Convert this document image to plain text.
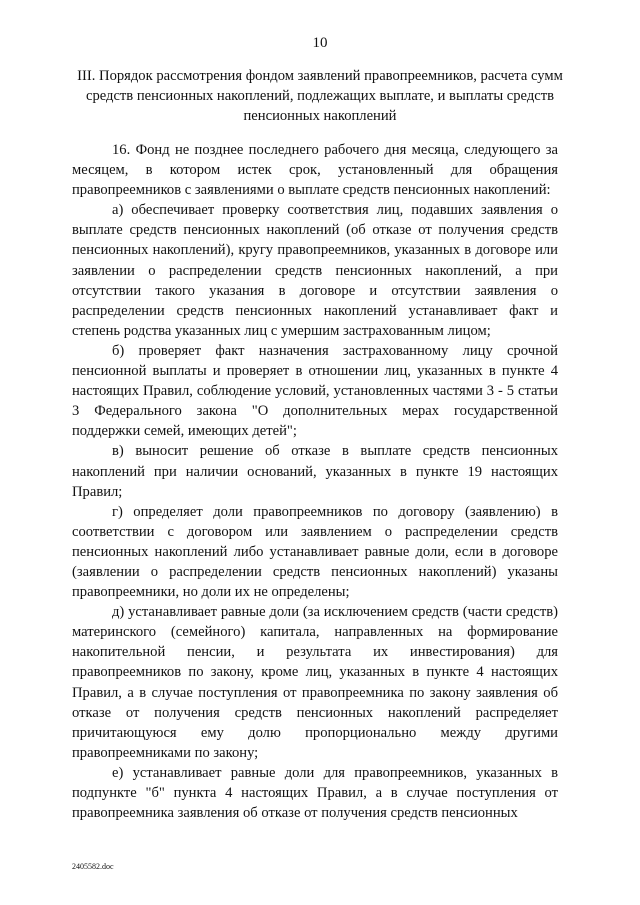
10
III. Порядок рассмотрения фондом заявлений правопреемников, расчета сумм средств пенсионных накоплений, подлежащих выплате, и выплаты средств пенсионных накоплений

16. Фонд не позднее последнего рабочего дня месяца, следующего за месяцем, в котором истек срок, установленный для обращения правопреемников с заявлениями о выплате средств пенсионных накоплений:

а) обеспечивает проверку соответствия лиц, подавших заявления о выплате средств пенсионных накоплений (об отказе от получения средств пенсионных накоплений), кругу правопреемников, указанных в договоре или заявлении о распределении средств пенсионных накоплений, а при отсутствии такого указания в договоре и отсутствии заявления о распределении средств пенсионных накоплений устанавливает факт и степень родства указанных лиц с умершим застрахованным лицом;

б) проверяет факт назначения застрахованному лицу срочной пенсионной выплаты и проверяет в отношении лиц, указанных в пункте 4 настоящих Правил, соблюдение условий, установленных частями 3 - 5 статьи 3 Федерального закона "О дополнительных мерах государственной поддержки семей, имеющих детей";

в) выносит решение об отказе в выплате средств пенсионных накоплений при наличии оснований, указанных в пункте 19 настоящих Правил;

г) определяет доли правопреемников по договору (заявлению) в соответствии с договором или заявлением о распределении средств пенсионных накоплений либо устанавливает равные доли, если в договоре (заявлении о распределении средств пенсионных накоплений) указаны правопреемники, но доли их не определены;

д) устанавливает равные доли (за исключением средств (части средств) материнского (семейного) капитала, направленных на формирование накопительной пенсии, и результата их инвестирования) для правопреемников по закону, кроме лиц, указанных в пункте 4 настоящих Правил, а в случае поступления от правопреемника по закону заявления об отказе от получения средств пенсионных накоплений распределяет причитающуюся ему долю пропорционально между другими правопреемниками по закону;

е) устанавливает равные доли для правопреемников, указанных в подпункте "б" пункта 4 настоящих Правил, а в случае поступления от правопреемника заявления об отказе от получения средств пенсионных

2405582.doc
